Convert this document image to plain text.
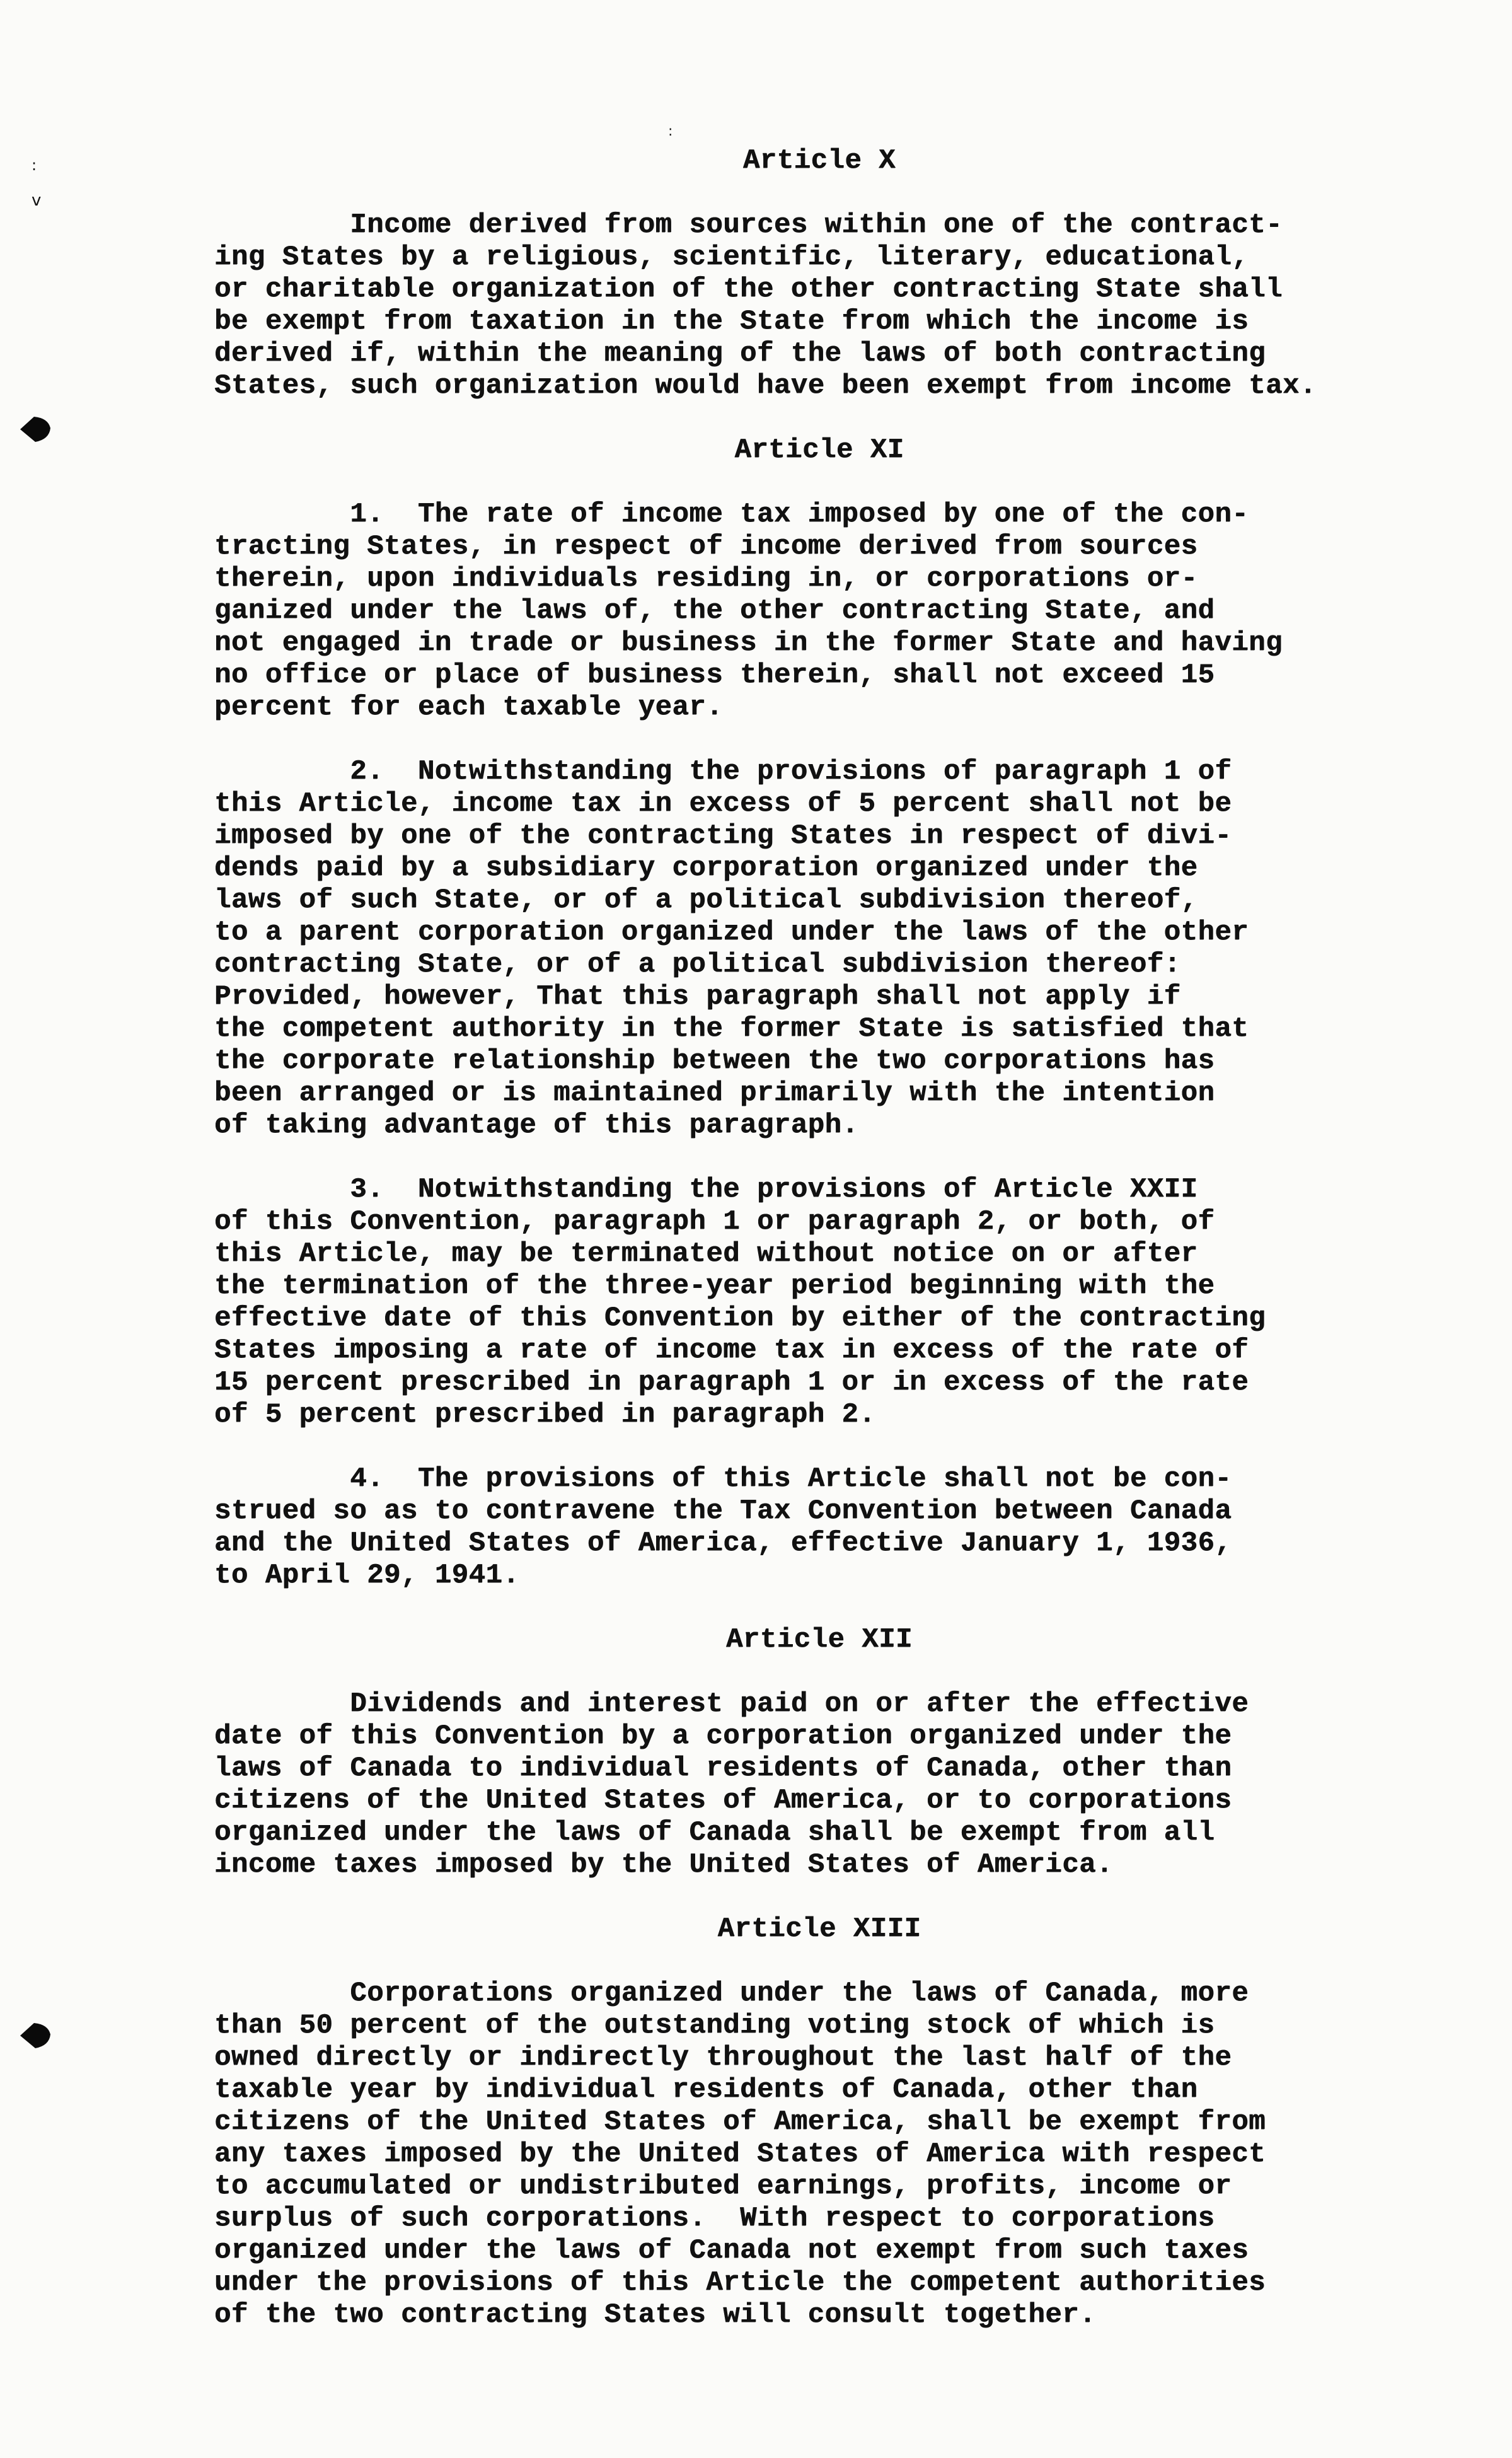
:
:
v
Article X

Income derived from sources within one of the contract-
ing States by a religious, scientific, literary, educational,
or charitable organization of the other contracting State shall
be exempt from taxation in the State from which the income is
derived if, within the meaning of the laws of both contracting
States, such organization would have been exempt from income tax.

Article XI

1.  The rate of income tax imposed by one of the con-
tracting States, in respect of income derived from sources
therein, upon individuals residing in, or corporations or-
ganized under the laws of, the other contracting State, and
not engaged in trade or business in the former State and having
no office or place of business therein, shall not exceed 15
percent for each taxable year.

2.  Notwithstanding the provisions of paragraph 1 of
this Article, income tax in excess of 5 percent shall not be
imposed by one of the contracting States in respect of divi-
dends paid by a subsidiary corporation organized under the
laws of such State, or of a political subdivision thereof,
to a parent corporation organized under the laws of the other
contracting State, or of a political subdivision thereof:
Provided, however, That this paragraph shall not apply if
the competent authority in the former State is satisfied that
the corporate relationship between the two corporations has
been arranged or is maintained primarily with the intention
of taking advantage of this paragraph.

3.  Notwithstanding the provisions of Article XXII
of this Convention, paragraph 1 or paragraph 2, or both, of
this Article, may be terminated without notice on or after
the termination of the three-year period beginning with the
effective date of this Convention by either of the contracting
States imposing a rate of income tax in excess of the rate of
15 percent prescribed in paragraph 1 or in excess of the rate
of 5 percent prescribed in paragraph 2.

4.  The provisions of this Article shall not be con-
strued so as to contravene the Tax Convention between Canada
and the United States of America, effective January 1, 1936,
to April 29, 1941.

Article XII

Dividends and interest paid on or after the effective
date of this Convention by a corporation organized under the
laws of Canada to individual residents of Canada, other than
citizens of the United States of America, or to corporations
organized under the laws of Canada shall be exempt from all
income taxes imposed by the United States of America.

Article XIII

Corporations organized under the laws of Canada, more
than 50 percent of the outstanding voting stock of which is
owned directly or indirectly throughout the last half of the
taxable year by individual residents of Canada, other than
citizens of the United States of America, shall be exempt from
any taxes imposed by the United States of America with respect
to accumulated or undistributed earnings, profits, income or
surplus of such corporations.  With respect to corporations
organized under the laws of Canada not exempt from such taxes
under the provisions of this Article the competent authorities
of the two contracting States will consult together.
